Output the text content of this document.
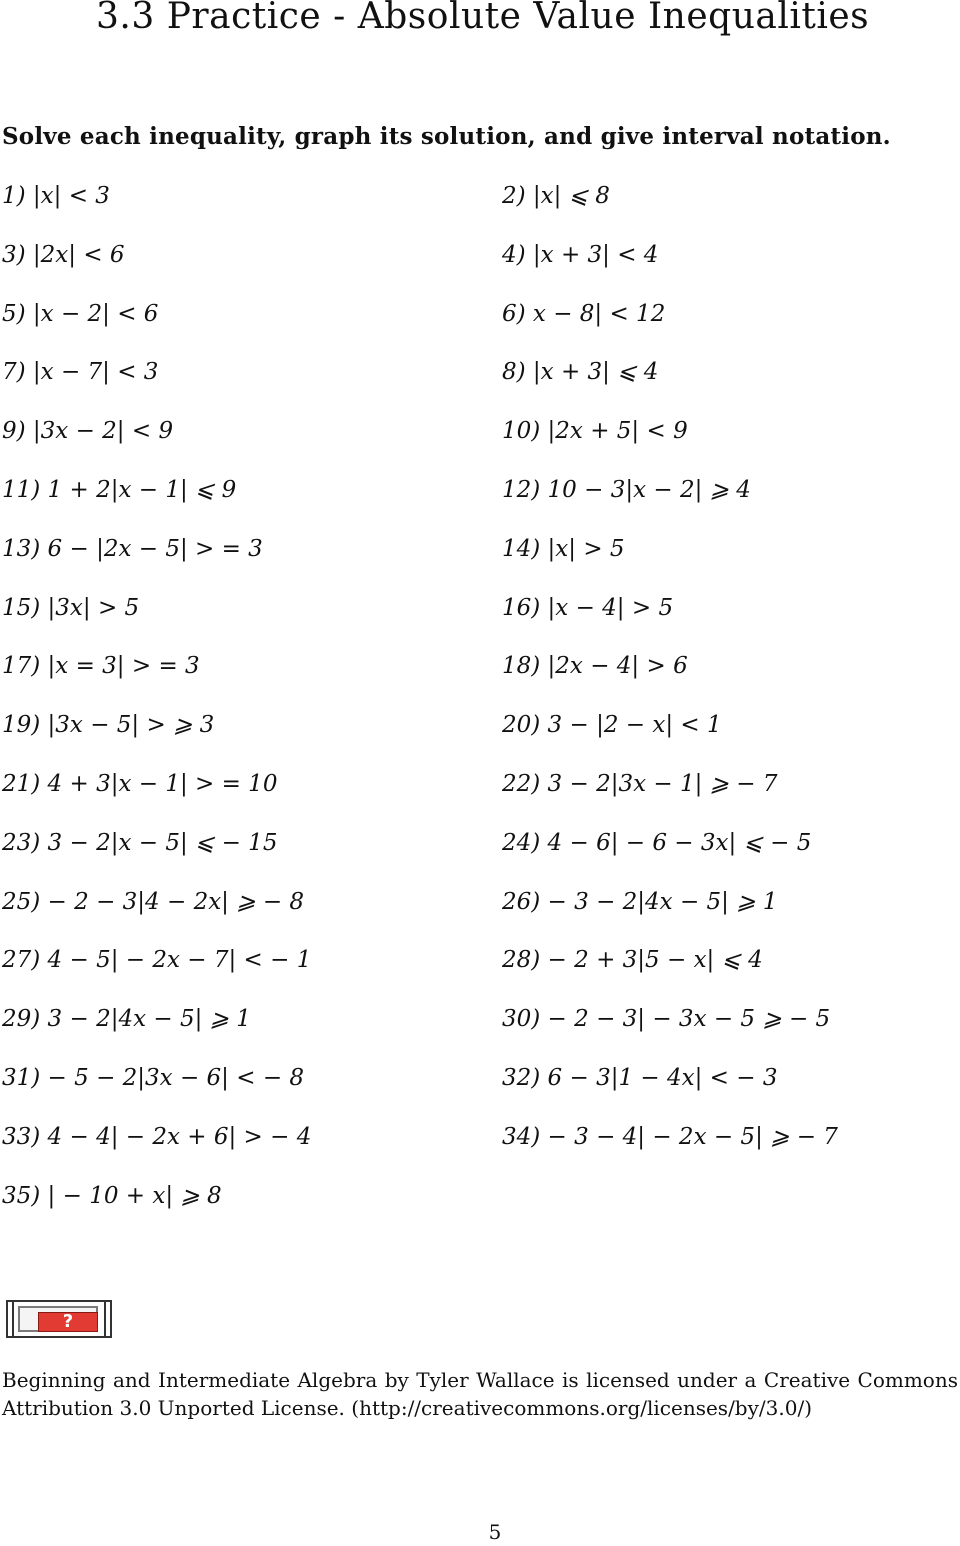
3.3 Practice - Absolute Value Inequalities
Solve each inequality, graph its solution, and give interval notation.
1) |x| < 3	2) |x| ⩽ 8
3) |2x| < 6	4) |x + 3| < 4
5) |x − 2| < 6	6) x − 8| < 12
7) |x − 7| < 3	8) |x + 3| ⩽ 4
9) |3x − 2| < 9	10) |2x + 5| < 9
11) 1 + 2|x − 1| ⩽ 9	12) 10 − 3|x − 2| ⩾ 4
13) 6 − |2x − 5| > = 3	14) |x| > 5
15) |3x| > 5	16) |x − 4| > 5
17) |x = 3| > = 3	18) |2x − 4| > 6
19) |3x − 5| > ⩾ 3	20) 3 − |2 − x| < 1
21) 4 + 3|x − 1| > = 10	22) 3 − 2|3x − 1| ⩾ − 7
23) 3 − 2|x − 5| ⩽ − 15	24) 4 − 6| − 6 − 3x| ⩽ − 5
25) − 2 − 3|4 − 2x| ⩾ − 8	26) − 3 − 2|4x − 5| ⩾ 1
27) 4 − 5| − 2x − 7| < − 1	28) − 2 + 3|5 − x| ⩽ 4
29) 3 − 2|4x − 5| ⩾ 1	30) − 2 − 3| − 3x − 5 ⩾ − 5
31) − 5 − 2|3x − 6| < − 8	32) 6 − 3|1 − 4x| < − 3
33) 4 − 4| − 2x + 6| > − 4	34) − 3 − 4| − 2x − 5| ⩾ − 7
35) | − 10 + x| ⩾ 8
?
Beginning and Intermediate Algebra by Tyler Wallace is licensed under a Creative Commons
Attribution 3.0 Unported License. (http://creativecommons.org/licenses/by/3.0/)
5
